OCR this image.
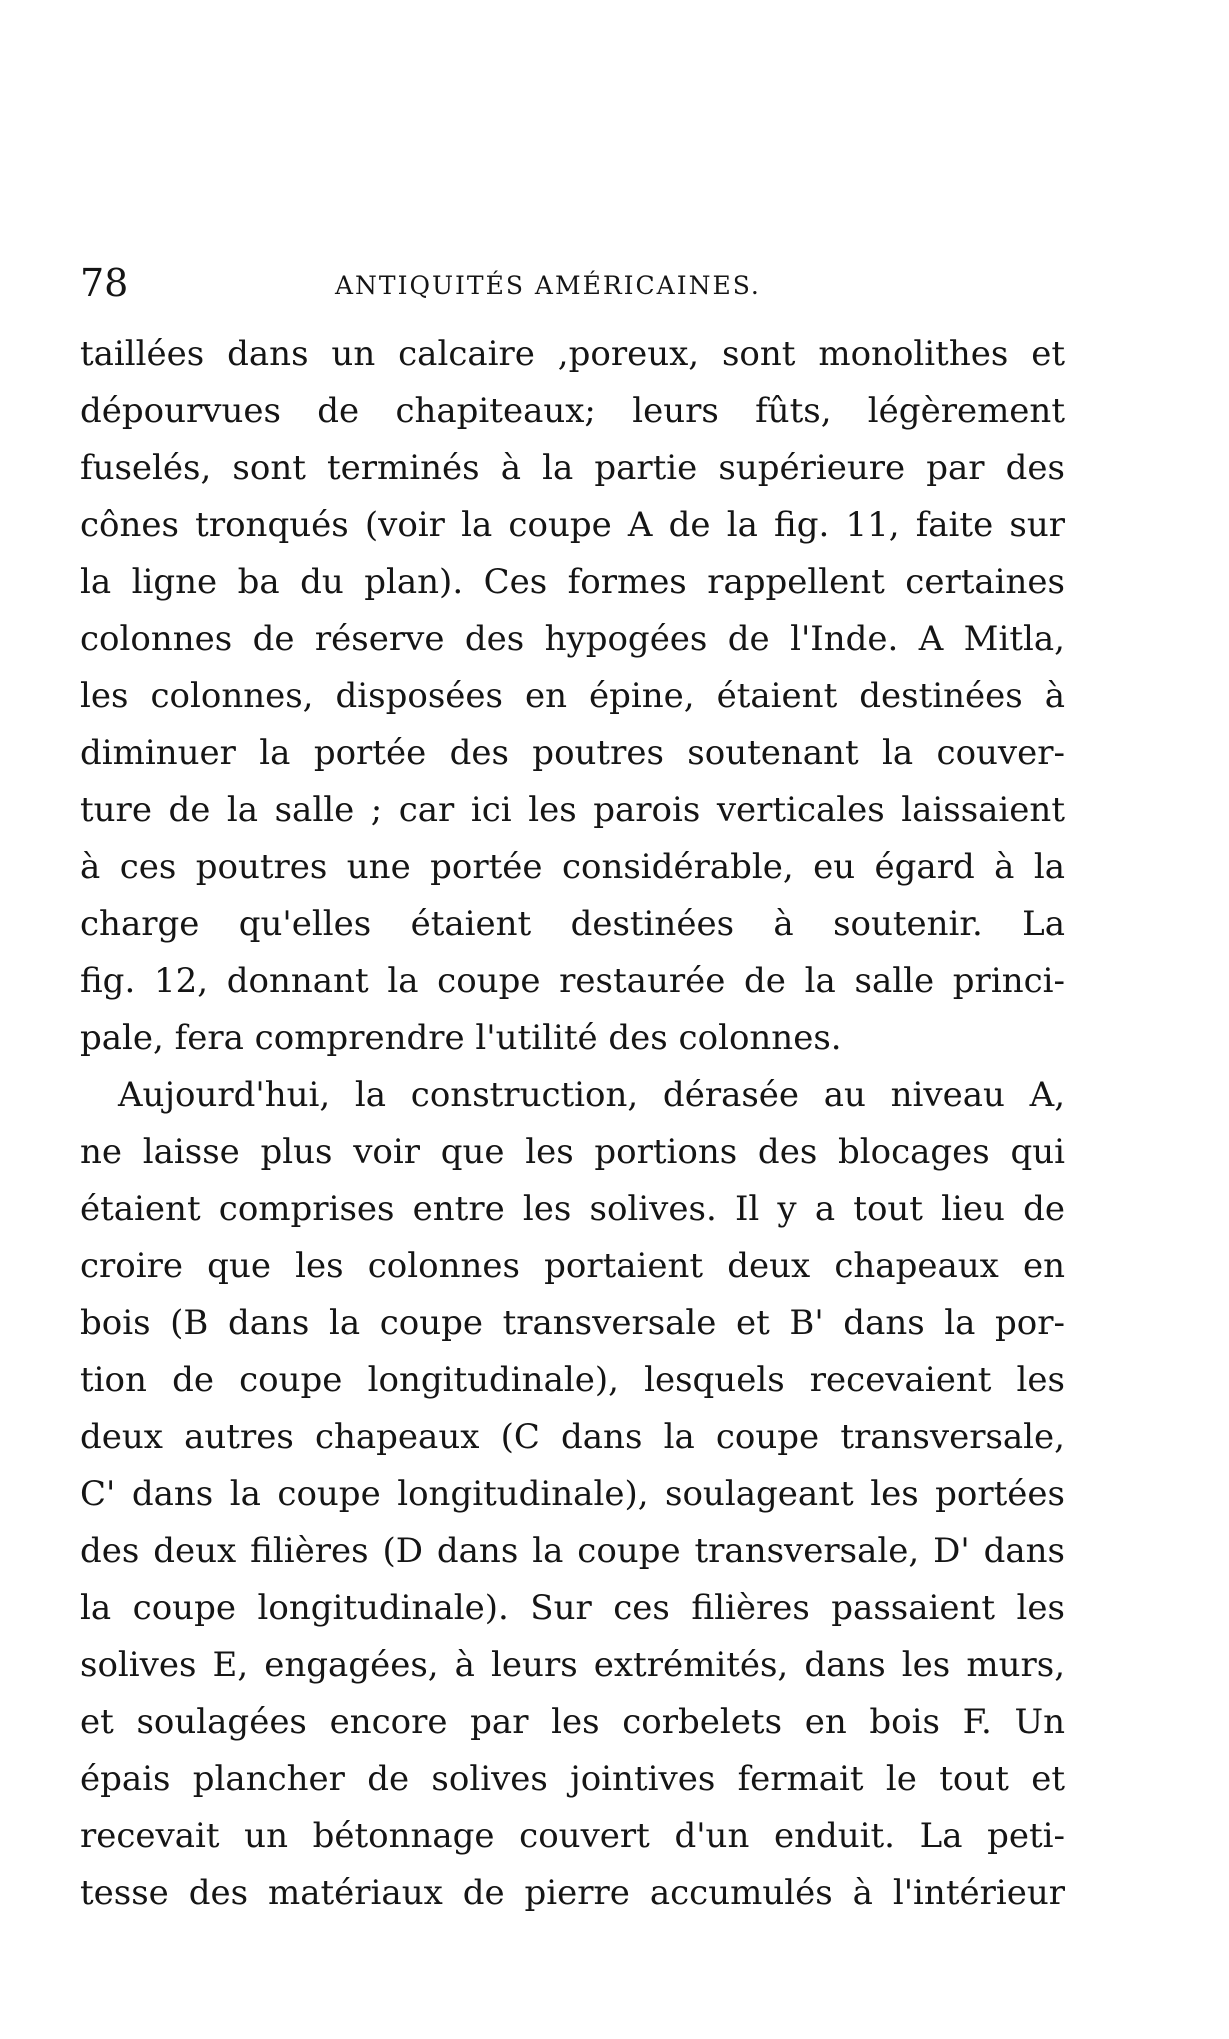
78	ANTIQUITÉS AMÉRICAINES.
taillées dans un calcaire ,poreux, sont monolithes et
dépourvues de chapiteaux; leurs fûts, légèrement
fuselés, sont terminés à la partie supérieure par des
cônes tronqués (voir la coupe A de la fig. 11, faite sur
la ligne ba du plan). Ces formes rappellent certaines
colonnes de réserve des hypogées de l'Inde. A Mitla,
les colonnes, disposées en épine, étaient destinées à
diminuer la portée des poutres soutenant la couver-
ture de la salle ; car ici les parois verticales laissaient
à ces poutres une portée considérable, eu égard à la
charge qu'elles étaient destinées à soutenir. La
fig. 12, donnant la coupe restaurée de la salle princi-
pale, fera comprendre l'utilité des colonnes.
Aujourd'hui, la construction, dérasée au niveau A,
ne laisse plus voir que les portions des blocages qui
étaient comprises entre les solives. Il y a tout lieu de
croire que les colonnes portaient deux chapeaux en
bois (B dans la coupe transversale et B' dans la por-
tion de coupe longitudinale), lesquels recevaient les
deux autres chapeaux (C dans la coupe transversale,
C' dans la coupe longitudinale), soulageant les portées
des deux filières (D dans la coupe transversale, D' dans
la coupe longitudinale). Sur ces filières passaient les
solives E, engagées, à leurs extrémités, dans les murs,
et soulagées encore par les corbelets en bois F. Un
épais plancher de solives jointives fermait le tout et
recevait un bétonnage couvert d'un enduit. La peti-
tesse des matériaux de pierre accumulés à l'intérieur
